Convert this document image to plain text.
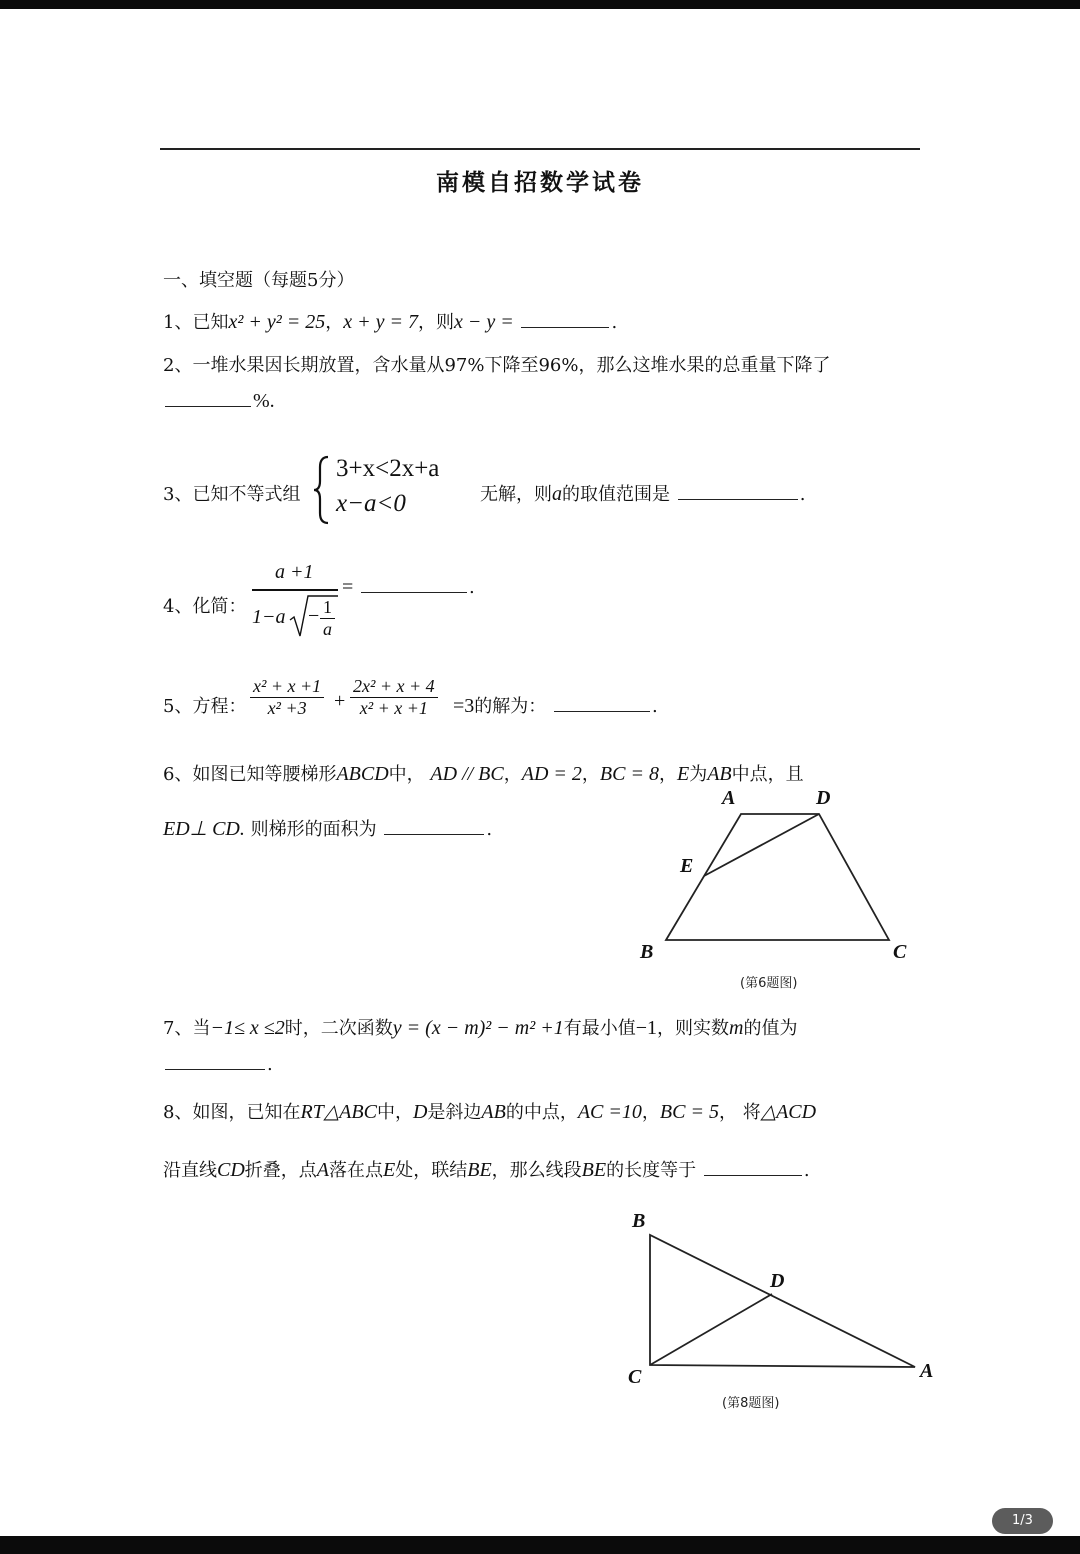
南模自招数学试卷
一、填空题（每题5分）
1、已知x² + y² = 25，x + y = 7，则x − y =	.
2、一堆水果因长期放置，含水量从97%下降至96%，那么这堆水果的总重量下降了
%.
3、已知不等式组
3+x<2x+a
x−a<0	无解，则a的取值范围是	.
4、化简：
a +1
$1-a - \frac{1}{a}$
=	.
5、方程： $\frac{\text{x² + x +1}}{\text{x² +3}} + \frac{\text{2x² + x + 4}}{\text{x² + x +1}} =3$的解为：	.
6、如图已知等腰梯形ABCD中， AD // BC，AD = 2，BC = 8，E为AB中点，且
ED⊥ CD. 则梯形的面积为	.
A	D
E
B	C
(第6题图)
7、当−1≤ x ≤2时，二次函数y = (x − m)² − m² +1有最小值−1，则实数m的值为
.
8、如图，已知在RT△ABC中，D是斜边AB的中点，AC =10，BC = 5， 将△ACD
沿直线CD折叠，点A落在点E处，联结BE，那么线段BE的长度等于	.
B
D
C	A
(第8题图)
1/3
